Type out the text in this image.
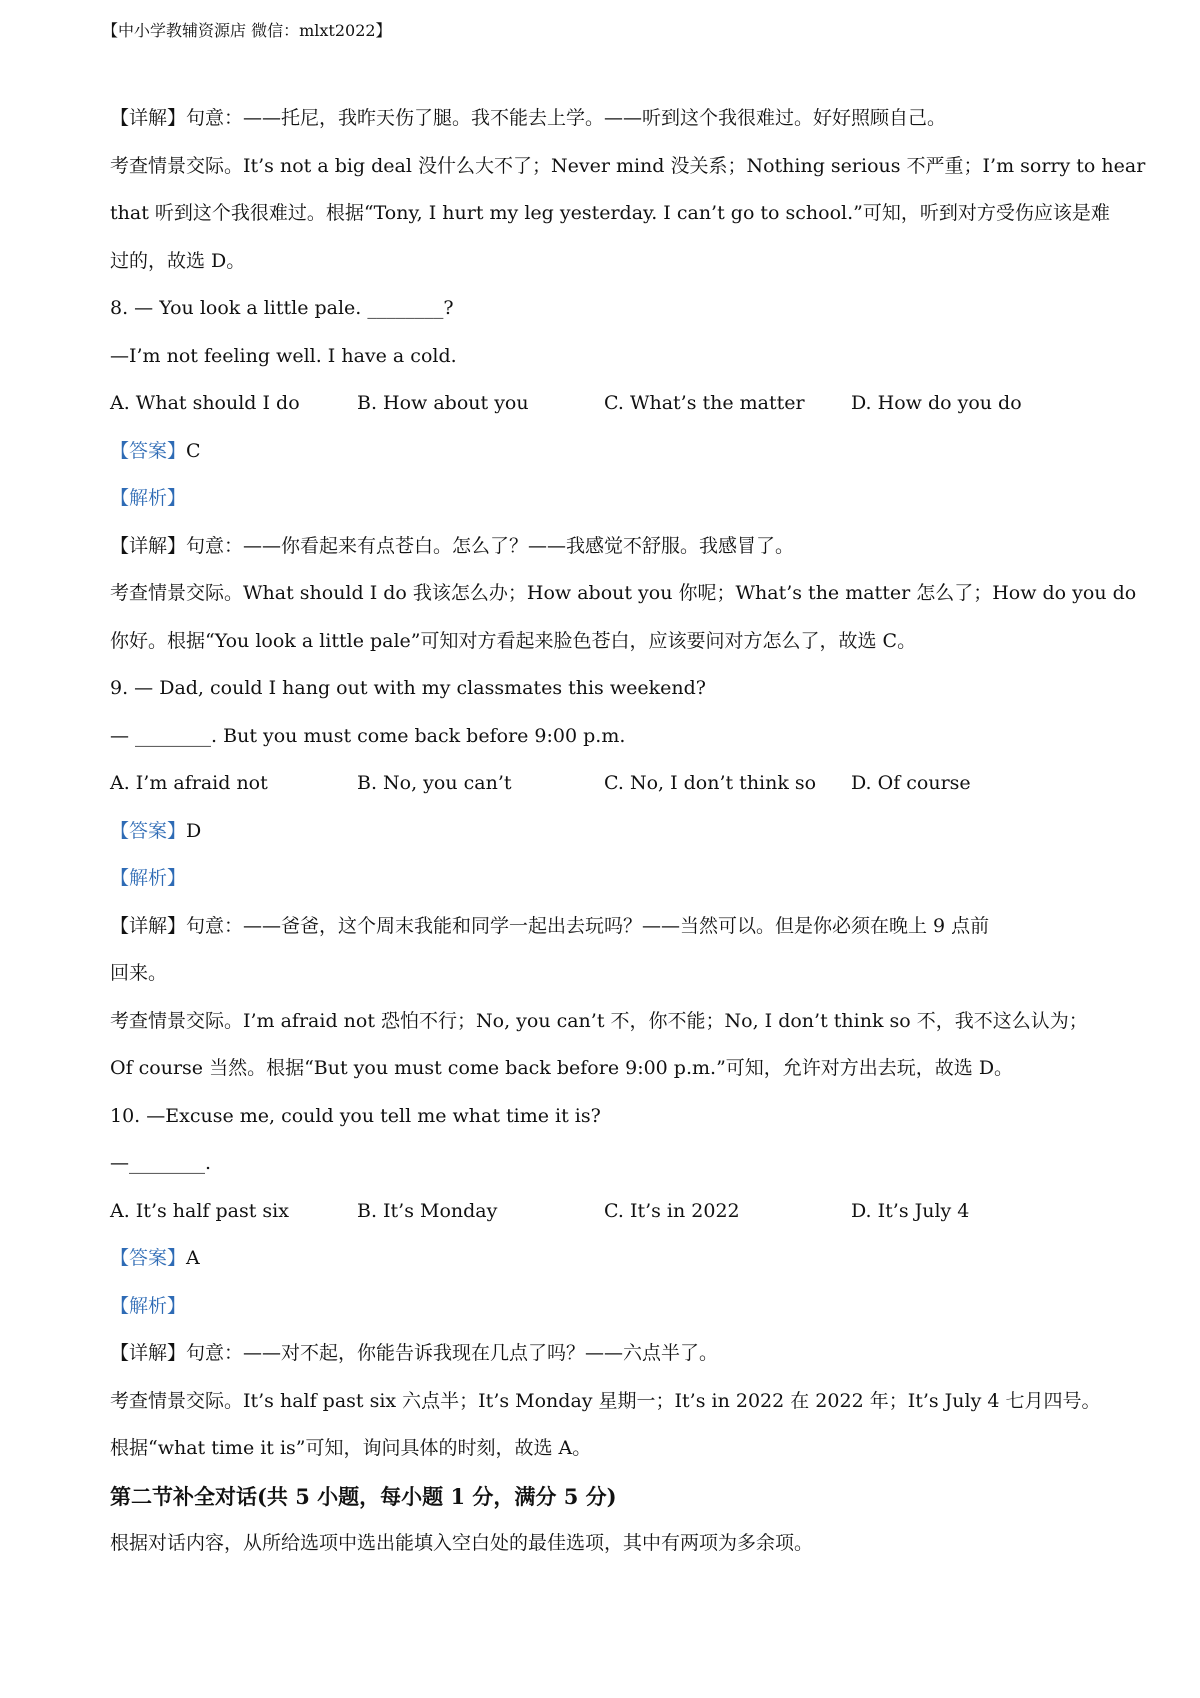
【中小学教辅资源店 微信：mlxt2022】
【详解】句意：——托尼，我昨天伤了腿。我不能去上学。——听到这个我很难过。好好照顾自己。
考查情景交际。It’s not a big deal 没什么大不了；Never mind 没关系；Nothing serious 不严重；I’m sorry to hear
that 听到这个我很难过。根据“Tony, I hurt my leg yesterday. I can’t go to school.”可知，听到对方受伤应该是难
过的，故选 D。
8. — You look a little pale. ________?
—I’m not feeling well. I have a cold.
A. What should I do	B. How about you	C. What’s the matter	D. How do you do
【答案】C
【解析】
【详解】句意：——你看起来有点苍白。怎么了？——我感觉不舒服。我感冒了。
考查情景交际。What should I do 我该怎么办；How about you 你呢；What’s the matter 怎么了；How do you do
你好。根据“You look a little pale”可知对方看起来脸色苍白，应该要问对方怎么了，故选 C。
9. — Dad, could I hang out with my classmates this weekend?
— ________. But you must come back before 9:00 p.m.
A. I’m afraid not	B. No, you can’t	C. No, I don’t think so	D. Of course
【答案】D
【解析】
【详解】句意：——爸爸，这个周末我能和同学一起出去玩吗？——当然可以。但是你必须在晚上 9 点前
回来。
考查情景交际。I’m afraid not 恐怕不行；No, you can’t 不，你不能；No, I don’t think so 不，我不这么认为；
Of course 当然。根据“But you must come back before 9:00 p.m.”可知，允许对方出去玩，故选 D。
10. —Excuse me, could you tell me what time it is?
—________.
A. It’s half past six	B. It’s Monday	C. It’s in 2022	D. It’s July 4
【答案】A
【解析】
【详解】句意：——对不起，你能告诉我现在几点了吗？——六点半了。
考查情景交际。It’s half past six 六点半；It’s Monday 星期一；It’s in 2022 在 2022 年；It’s July 4 七月四号。
根据“what time it is”可知，询问具体的时刻，故选 A。
第二节补全对话(共 5 小题，每小题 1 分，满分 5 分)
根据对话内容，从所给选项中选出能填入空白处的最佳选项，其中有两项为多余项。
